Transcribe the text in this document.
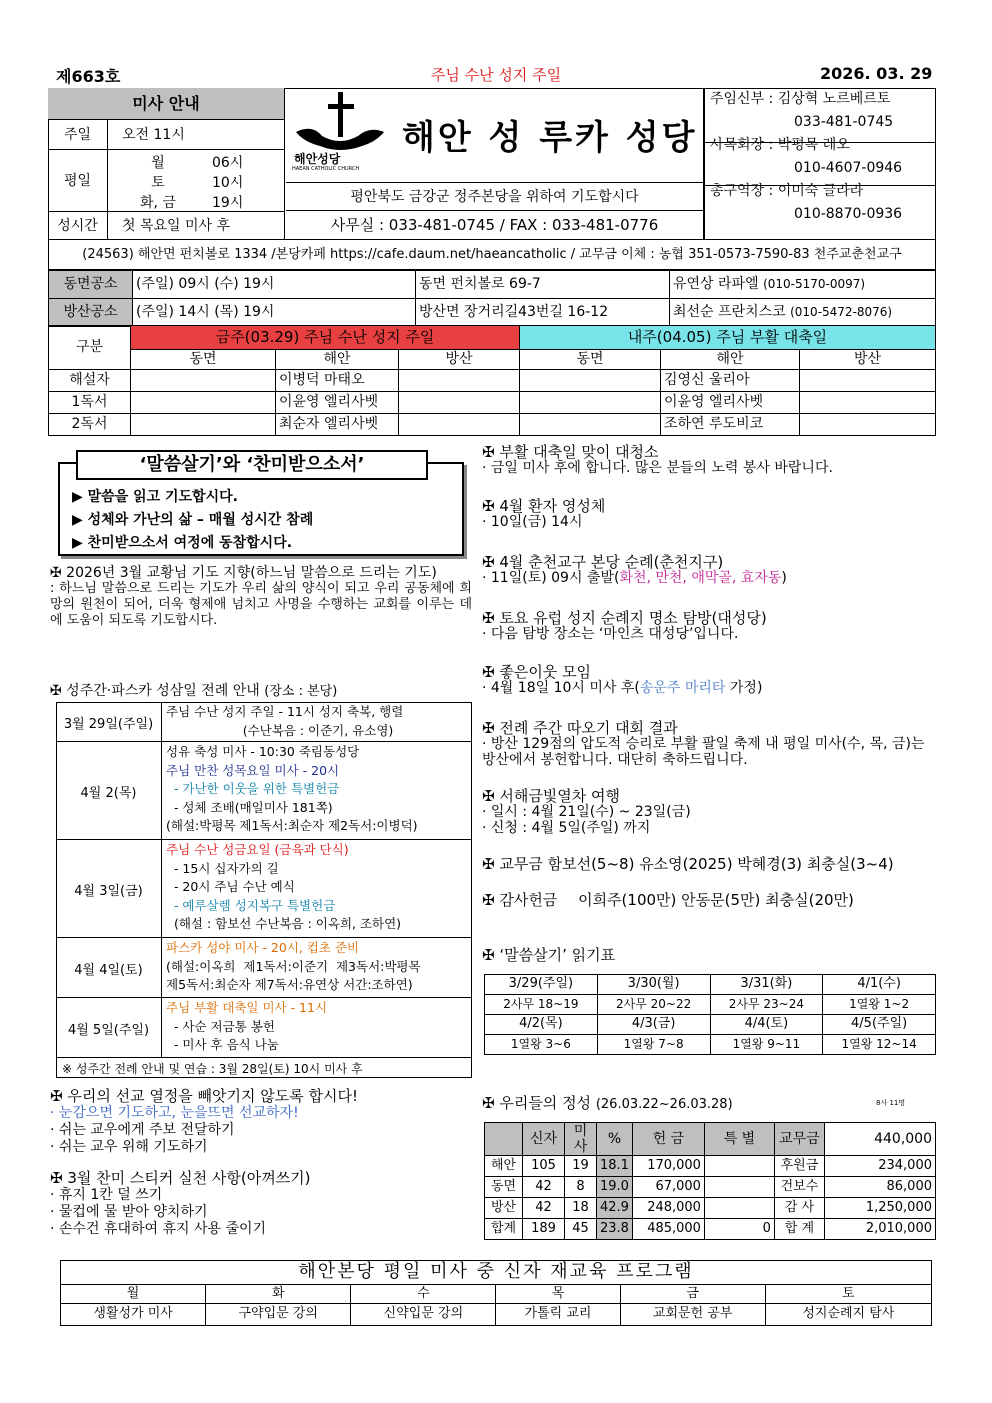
제663호	주님 수난 성지 주일	2026. 03. 29
미사 안내
주일	오전 11시
평일
월	06시
토	10시
화, 금	19시
성시간	첫 목요일 미사 후
해안성당
HAEAN CATHOLIC CHURCH
해안 성 루카 성당
평안북도 금강군 정주본당을 위하여 기도합시다
사무실 : 033-481-0745 / FAX : 033-481-0776
주임신부 : 김상혁 노르베르토
033-481-0745
사목회장 : 박평목 레오
010-4607-0946
총구역장 : 이미숙 글라라
010-8870-0936
(24563) 해안면 펀치볼로 1334 /본당카페 https://cafe.daum.net/haeancatholic / 교무금 이체 : 농협 351-0573-7590-83 천주교춘천교구
동면공소	(주일) 09시 (수) 19시	동면 펀치볼로 69-7	유연상 라파엘 (010-5170-0097)
방산공소	(주일) 14시 (목) 19시	방산면 장거리길43번길 16-12	최선순 프란치스코 (010-5472-8076)
구분	금주(03.29) 주님 수난 성지 주일			내주(04.05) 주님 부활 대축일		
	동면	해안	방산	동면	해안	방산
해설자		이병덕 마태오			김영신 울리아	
1독서		이윤영 엘리사벳			이윤영 엘리사벳	
2독서		최순자 엘리사벳			조하연 루도비코	
‘말씀살기’와 ‘찬미받으소서’
▶ 말씀을 읽고 기도합시다.
▶ 성체와 가난의 삶 – 매월 성시간 참례
▶ 찬미받으소서 여정에 동참합시다.
✠ 2026년 3월 교황님 기도 지향(하느님 말씀으로 드리는 기도)
: 하느님 말씀으로 드리는 기도가 우리 삶의 양식이 되고 우리 공동체에 희망의 원천이 되어, 더욱 형제애 넘치고 사명을 수행하는 교회를 이루는 데에 도움이 되도록 기도합시다.
✠ 성주간·파스카 성삼일 전례 안내 (장소 : 본당)
3월 29일(주일)
주님 수난 성지 주일 - 11시 성지 축복, 행렬
(수난복음 : 이준기, 유소영)
4월 2(목)
성유 축성 미사 - 10:30 죽림동성당
주님 만찬 성목요일 미사 - 20시
- 가난한 이웃을 위한 특별헌금
- 성체 조배(매일미사 181쪽)
(해설:박평목 제1독서:최순자 제2독서:이병덕)
4월 3일(금)
주님 수난 성금요일 (금육과 단식)
- 15시 십자가의 길
- 20시 주님 수난 예식
- 예루살렘 성지복구 특별헌금
(해설 : 함보선 수난복음 : 이옥희, 조하연)
4월 4일(토)
파스카 성야 미사 - 20시, 컵초 준비
(해설:이옥희  제1독서:이준기  제3독서:박평목
제5독서:최순자 제7독서:유연상 서간:조하연)
4월 5일(주일)
주님 부활 대축일 미사 - 11시
- 사순 저금통 봉헌
- 미사 후 음식 나눔
※ 성주간 전례 안내 및 연습 : 3월 28일(토) 10시 미사 후
✠ 우리의 선교 열정을 빼앗기지 않도록 합시다!
· 눈감으면 기도하고, 눈을뜨면 선교하자!
· 쉬는 교우에게 주보 전달하기
· 쉬는 교우 위해 기도하기
✠ 3월 찬미 스티커 실천 사항(아껴쓰기)
· 휴지 1칸 덜 쓰기
· 물컵에 물 받아 양치하기
· 손수건 휴대하여 휴지 사용 줄이기
✠ 부활 대축일 맞이 대청소
· 금일 미사 후에 합니다. 많은 분들의 노력 봉사 바랍니다.
✠ 4월 환자 영성체
· 10일(금) 14시
✠ 4월 춘천교구 본당 순례(춘천지구)
· 11일(토) 09시 출발(화천, 만천, 애막골, 효자동)
✠ 토요 유럽 성지 순례지 명소 탐방(대성당)
· 다음 탐방 장소는 ‘마인츠 대성당’입니다.
✠ 좋은이웃 모임
· 4월 18일 10시 미사 후(송운주 마리타 가정)
✠ 전례 주간 따오기 대회 결과
· 방산 129점의 압도적 승리로 부활 팔일 축제 내 평일 미사(수, 목, 금)는 방산에서 봉헌합니다. 대단히 축하드립니다.
✠ 서해금빛열차 여행
· 일시 : 4월 21일(수) ~ 23일(금)
· 신청 : 4월 5일(주일) 까지
✠ 교무금 함보선(5~8) 유소영(2025) 박혜경(3) 최충실(3~4)
✠ 감사헌금 이희주(100만) 안동문(5만) 최충실(20만)
✠ ‘말씀살기’ 읽기표
3/29(주일)	3/30(월)	3/31(화)	4/1(수)
2사무 18~19	2사무 20~22	2사무 23~24	1열왕 1~2
4/2(목)	4/3(금)	4/4(토)	4/5(주일)
1열왕 3~6	1열왕 7~8	1열왕 9~11	1열왕 12~14
✠ 우리들의 정성 (26.03.22~26.03.28)	8사 11명
	신자	미사	%	헌 금	특 별	교무금	440,000
해안	105	19	18.1	170,000		후원금	234,000
동면	42	8	19.0	67,000		건보수	86,000
방산	42	18	42.9	248,000		감 사	1,250,000
합계	189	45	23.8	485,000	0	합 계	2,010,000
해안본당 평일 미사 중 신자 재교육 프로그램					
월	화	수	목	금	토
생활성가 미사	구약입문 강의	신약입문 강의	가톨릭 교리	교회문헌 공부	성지순례지 탐사
